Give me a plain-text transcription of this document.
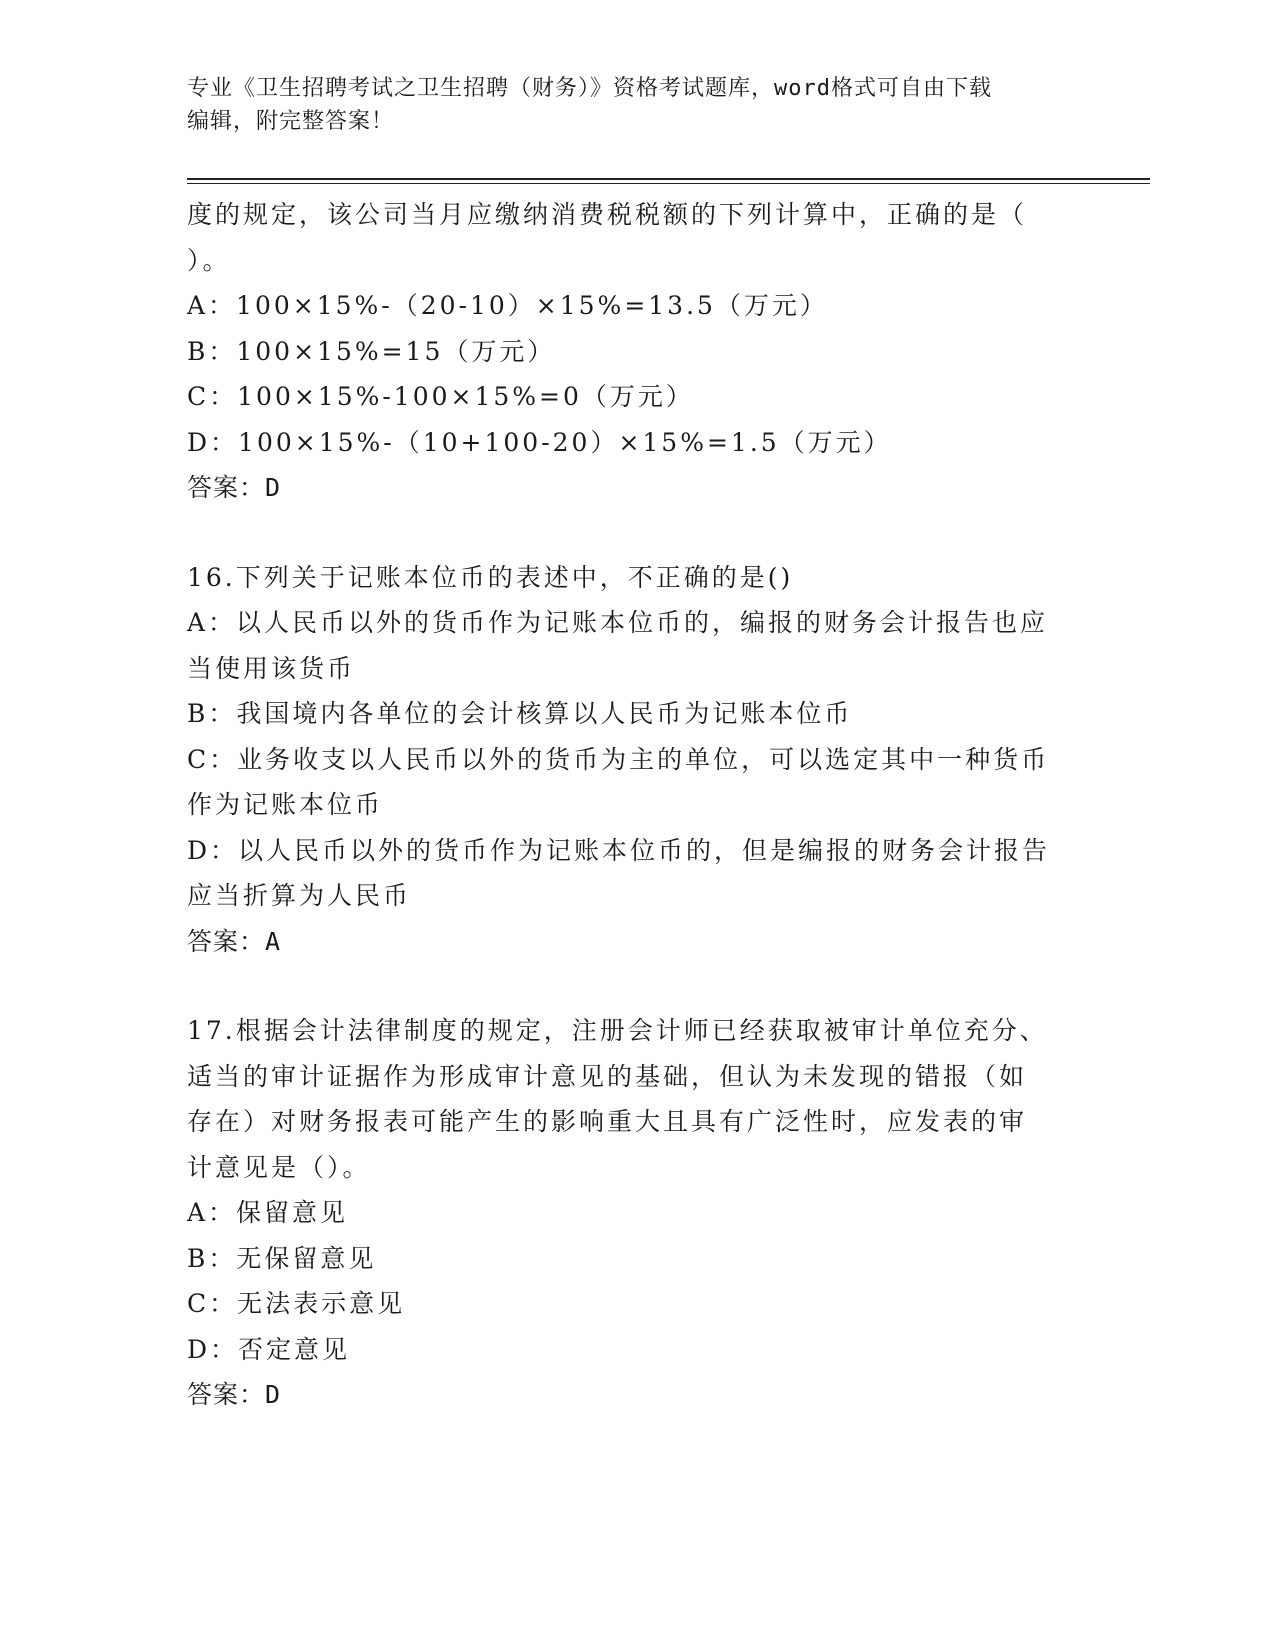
专业《卫生招聘考试之卫生招聘（财务）》资格考试题库，word格式可自由下载
编辑，附完整答案！
度的规定，该公司当月应缴纳消费税税额的下列计算中，正确的是（
）。
A：100×15%-（20-10）×15%=13.5（万元）
B：100×15%=15（万元）
C：100×15%-100×15%=0（万元）
D：100×15%-（10+100-20）×15%=1.5（万元）
答案：D
16.下列关于记账本位币的表述中，不正确的是()
A：以人民币以外的货币作为记账本位币的，编报的财务会计报告也应
当使用该货币
B：我国境内各单位的会计核算以人民币为记账本位币
C：业务收支以人民币以外的货币为主的单位，可以选定其中一种货币
作为记账本位币
D：以人民币以外的货币作为记账本位币的，但是编报的财务会计报告
应当折算为人民币
答案：A
17.根据会计法律制度的规定，注册会计师已经获取被审计单位充分、
适当的审计证据作为形成审计意见的基础，但认为未发现的错报（如
存在）对财务报表可能产生的影响重大且具有广泛性时，应发表的审
计意见是（）。
A：保留意见
B：无保留意见
C：无法表示意见
D：否定意见
答案：D
